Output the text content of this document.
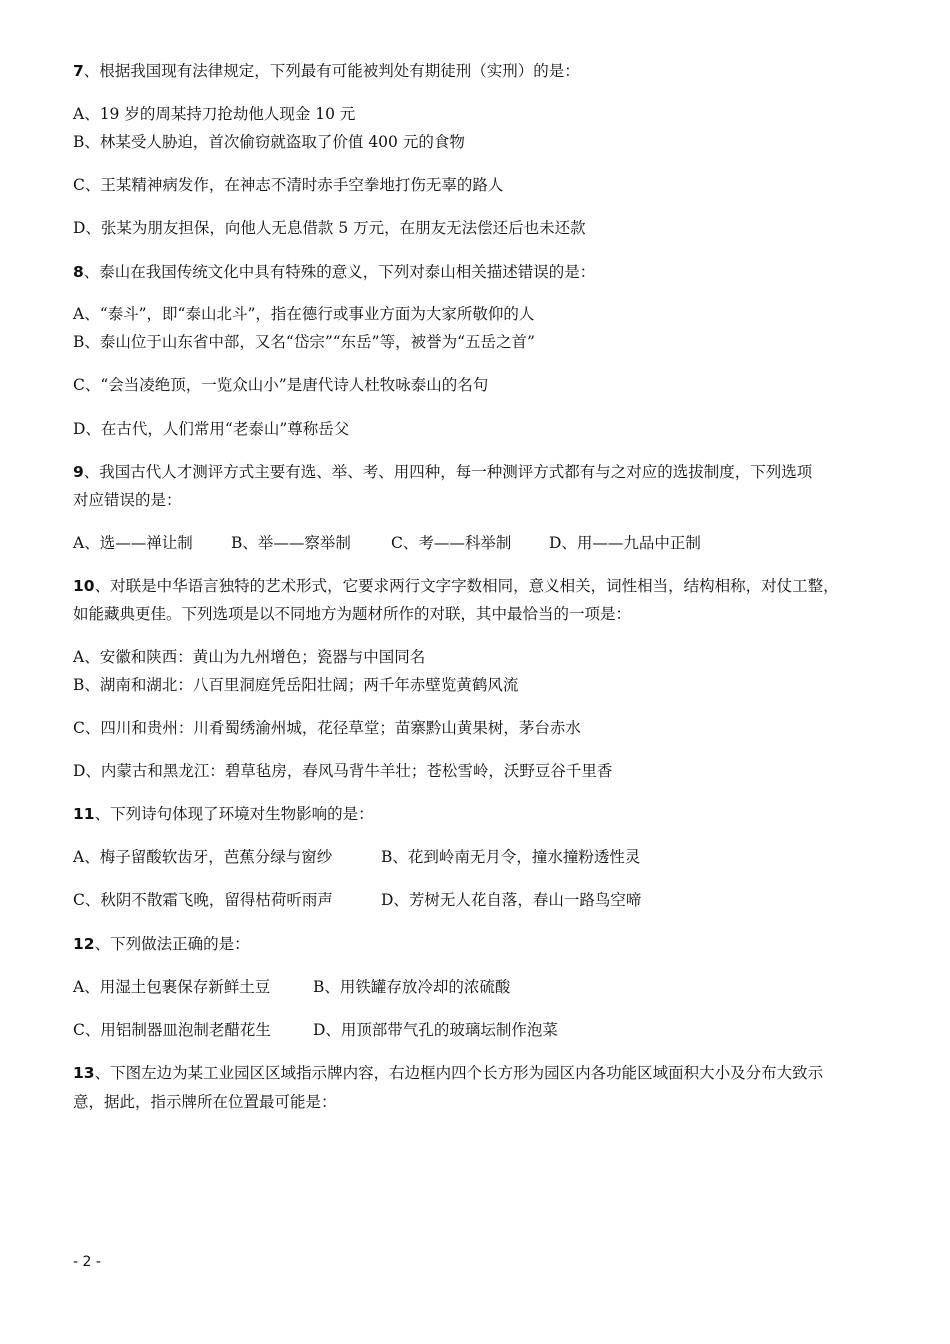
7、根据我国现有法律规定，下列最有可能被判处有期徒刑（实刑）的是：
A、19 岁的周某持刀抢劫他人现金 10 元
B、林某受人胁迫，首次偷窃就盗取了价值 400 元的食物
C、王某精神病发作，在神志不清时赤手空拳地打伤无辜的路人
D、张某为朋友担保，向他人无息借款 5 万元，在朋友无法偿还后也未还款
8、泰山在我国传统文化中具有特殊的意义，下列对泰山相关描述错误的是：
A、“泰斗”，即“泰山北斗”，指在德行或事业方面为大家所敬仰的人
B、泰山位于山东省中部，又名“岱宗”“东岳”等，被誉为“五岳之首”
C、“会当凌绝顶，一览众山小”是唐代诗人杜牧咏泰山的名句
D、在古代，人们常用“老泰山”尊称岳父
9、我国古代人才测评方式主要有选、举、考、用四种，每一种测评方式都有与之对应的选拔制度，下列选项
对应错误的是：
A、选——禅让制 B、举——察举制	C、考——科举制 D、用——九品中正制
10、对联是中华语言独特的艺术形式，它要求两行文字字数相同，意义相关，词性相当，结构相称，对仗工整，
如能藏典更佳。下列选项是以不同地方为题材所作的对联，其中最恰当的一项是：
A、安徽和陕西：黄山为九州增色；瓷器与中国同名
B、湖南和湖北：八百里洞庭凭岳阳壮阔；两千年赤壁览黄鹤风流
C、四川和贵州：川肴蜀绣渝州城，花径草堂；苗寨黔山黄果树，茅台赤水
D、内蒙古和黑龙江：碧草毡房，春风马背牛羊壮；苍松雪岭，沃野豆谷千里香
11、下列诗句体现了环境对生物影响的是：
A、梅子留酸软齿牙，芭蕉分绿与窗纱	B、花到岭南无月令，撞水撞粉透性灵
C、秋阴不散霜飞晚，留得枯荷听雨声	D、芳树无人花自落，春山一路鸟空啼
12、下列做法正确的是：
A、用湿土包裹保存新鲜土豆	B、用铁罐存放冷却的浓硫酸
C、用铝制器皿泡制老醋花生	D、用顶部带气孔的玻璃坛制作泡菜
13、下图左边为某工业园区区域指示牌内容，右边框内四个长方形为园区内各功能区域面积大小及分布大致示
意，据此，指示牌所在位置最可能是：
- 2 -
